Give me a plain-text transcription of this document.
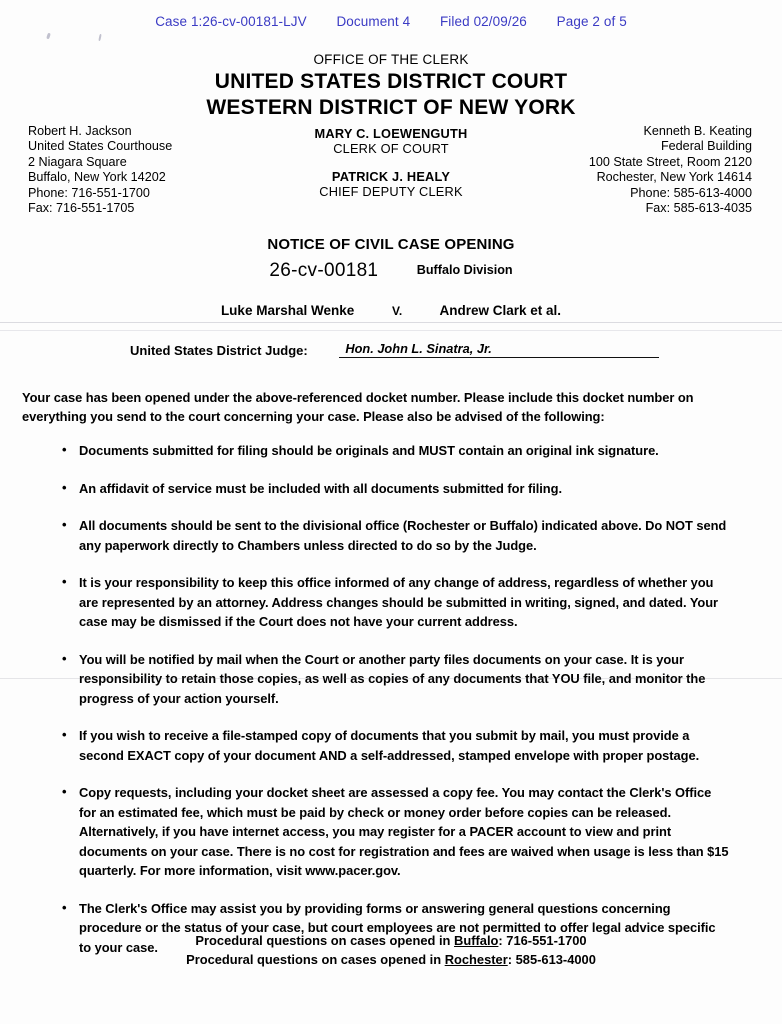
Case 1:26-cv-00181-LJV Document 4 Filed 02/09/26 Page 2 of 5
OFFICE OF THE CLERK
UNITED STATES DISTRICT COURT
WESTERN DISTRICT OF NEW YORK
Robert H. Jackson
United States Courthouse
2 Niagara Square
Buffalo, New York 14202
Phone: 716-551-1700
Fax: 716-551-1705
MARY C. LOEWENGUTH
CLERK OF COURT
PATRICK J. HEALY
CHIEF DEPUTY CLERK
Kenneth B. Keating
Federal Building
100 State Street, Room 2120
Rochester, New York 14614
Phone: 585-613-4000
Fax: 585-613-4035
NOTICE OF CIVIL CASE OPENING
26-cv-00181	Buffalo Division
Luke Marshal Wenke	V.	Andrew Clark et al.
United States District Judge:	Hon. John L. Sinatra, Jr.
Your case has been opened under the above-referenced docket number. Please include this docket number on everything you send to the court concerning your case. Please also be advised of the following:
• Documents submitted for filing should be originals and MUST contain an original ink signature.
• An affidavit of service must be included with all documents submitted for filing.
• All documents should be sent to the divisional office (Rochester or Buffalo) indicated above. Do NOT send any paperwork directly to Chambers unless directed to do so by the Judge.
• It is your responsibility to keep this office informed of any change of address, regardless of whether you are represented by an attorney. Address changes should be submitted in writing, signed, and dated. Your case may be dismissed if the Court does not have your current address.
• You will be notified by mail when the Court or another party files documents on your case. It is your responsibility to retain those copies, as well as copies of any documents that YOU file, and monitor the progress of your action yourself.
• If you wish to receive a file-stamped copy of documents that you submit by mail, you must provide a second EXACT copy of your document AND a self-addressed, stamped envelope with proper postage.
• Copy requests, including your docket sheet are assessed a copy fee. You may contact the Clerk's Office for an estimated fee, which must be paid by check or money order before copies can be released. Alternatively, if you have internet access, you may register for a PACER account to view and print documents on your case. There is no cost for registration and fees are waived when usage is less than $15 quarterly. For more information, visit www.pacer.gov.
• The Clerk's Office may assist you by providing forms or answering general questions concerning procedure or the status of your case, but court employees are not permitted to offer legal advice specific to your case.	Procedural questions on cases opened in Buffalo: 716-551-1700
Procedural questions on cases opened in Rochester: 585-613-4000
